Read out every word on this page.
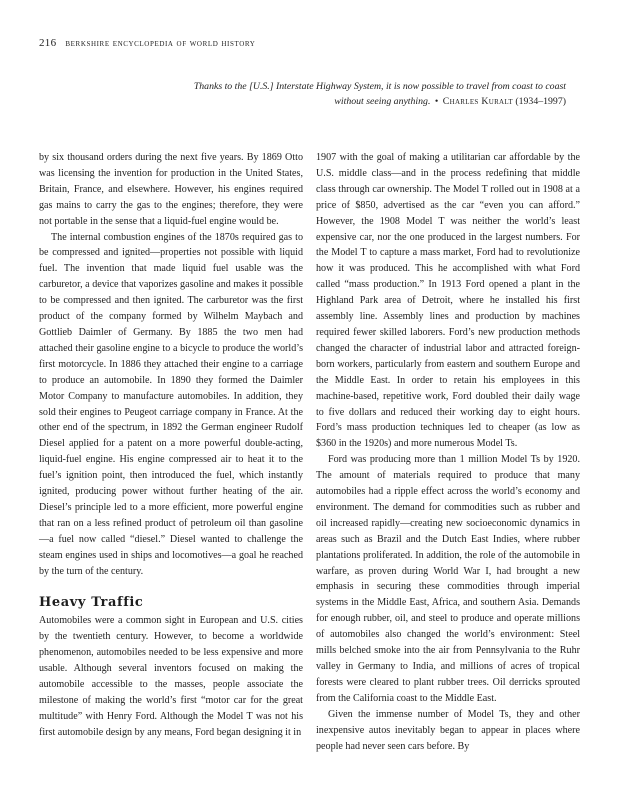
216 berkshire encyclopedia of world history
Thanks to the [U.S.] Interstate Highway System, it is now possible to travel from coast to coast without seeing anything. • Charles Kuralt (1934–1997)

by six thousand orders during the next five years. By 1869 Otto was licensing the invention for production in the United States, Britain, France, and elsewhere. However, his engines required gas mains to carry the gas to the engines; therefore, they were not portable in the sense that a liquid-fuel engine would be.

The internal combustion engines of the 1870s required gas to be compressed and ignited—properties not possible with liquid fuel. The invention that made liquid fuel usable was the carburetor, a device that vaporizes gasoline and makes it possible to be compressed and then ignited. The carburetor was the first product of the company formed by Wilhelm Maybach and Gottlieb Daimler of Germany. By 1885 the two men had attached their gasoline engine to a bicycle to produce the world’s first motorcycle. In 1886 they attached their engine to a carriage to produce an automobile. In 1890 they formed the Daimler Motor Company to manufacture automobiles. In addition, they sold their engines to Peugeot carriage company in France. At the other end of the spectrum, in 1892 the German engineer Rudolf Diesel applied for a patent on a more powerful double-acting, liquid-fuel engine. His engine compressed air to heat it to the fuel’s ignition point, then introduced the fuel, which instantly ignited, producing power without further heating of the air. Diesel’s principle led to a more efficient, more powerful engine that ran on a less refined product of petroleum oil than gasoline—a fuel now called “diesel.” Diesel wanted to challenge the steam engines used in ships and locomotives—a goal he reached by the turn of the century.

Heavy Traffic

Automobiles were a common sight in European and U.S. cities by the twentieth century. However, to become a worldwide phenomenon, automobiles needed to be less expensive and more usable. Although several inventors focused on making the automobile accessible to the masses, people associate the milestone of making the world’s first “motor car for the great multitude” with Henry Ford. Although the Model T was not his first automobile design by any means, Ford began designing it in

1907 with the goal of making a utilitarian car affordable by the U.S. middle class—and in the process redefining that middle class through car ownership. The Model T rolled out in 1908 at a price of $850, advertised as the car “even you can afford.” However, the 1908 Model T was neither the world’s least expensive car, nor the one produced in the largest numbers. For the Model T to capture a mass market, Ford had to revolutionize how it was produced. This he accomplished with what Ford called “mass production.” In 1913 Ford opened a plant in the Highland Park area of Detroit, where he installed his first assembly line. Assembly lines and production by machines required fewer skilled laborers. Ford’s new production methods changed the character of industrial labor and attracted foreign-born workers, particularly from eastern and southern Europe and the Middle East. In order to retain his employees in this machine-based, repetitive work, Ford doubled their daily wage to five dollars and reduced their working day to eight hours. Ford’s mass production techniques led to cheaper (as low as $360 in the 1920s) and more numerous Model Ts.

Ford was producing more than 1 million Model Ts by 1920. The amount of materials required to produce that many automobiles had a ripple effect across the world’s economy and environment. The demand for commodities such as rubber and oil increased rapidly—creating new socioeconomic dynamics in areas such as Brazil and the Dutch East Indies, where rubber plantations proliferated. In addition, the role of the automobile in warfare, as proven during World War I, had brought a new emphasis in securing these commodities through imperial systems in the Middle East, Africa, and southern Asia. Demands for enough rubber, oil, and steel to produce and operate millions of automobiles also changed the world’s environment: Steel mills belched smoke into the air from Pennsylvania to the Ruhr valley in Germany to India, and millions of acres of tropical forests were cleared to plant rubber trees. Oil derricks sprouted from the California coast to the Middle East.

Given the immense number of Model Ts, they and other inexpensive autos inevitably began to appear in places where people had never seen cars before. By
